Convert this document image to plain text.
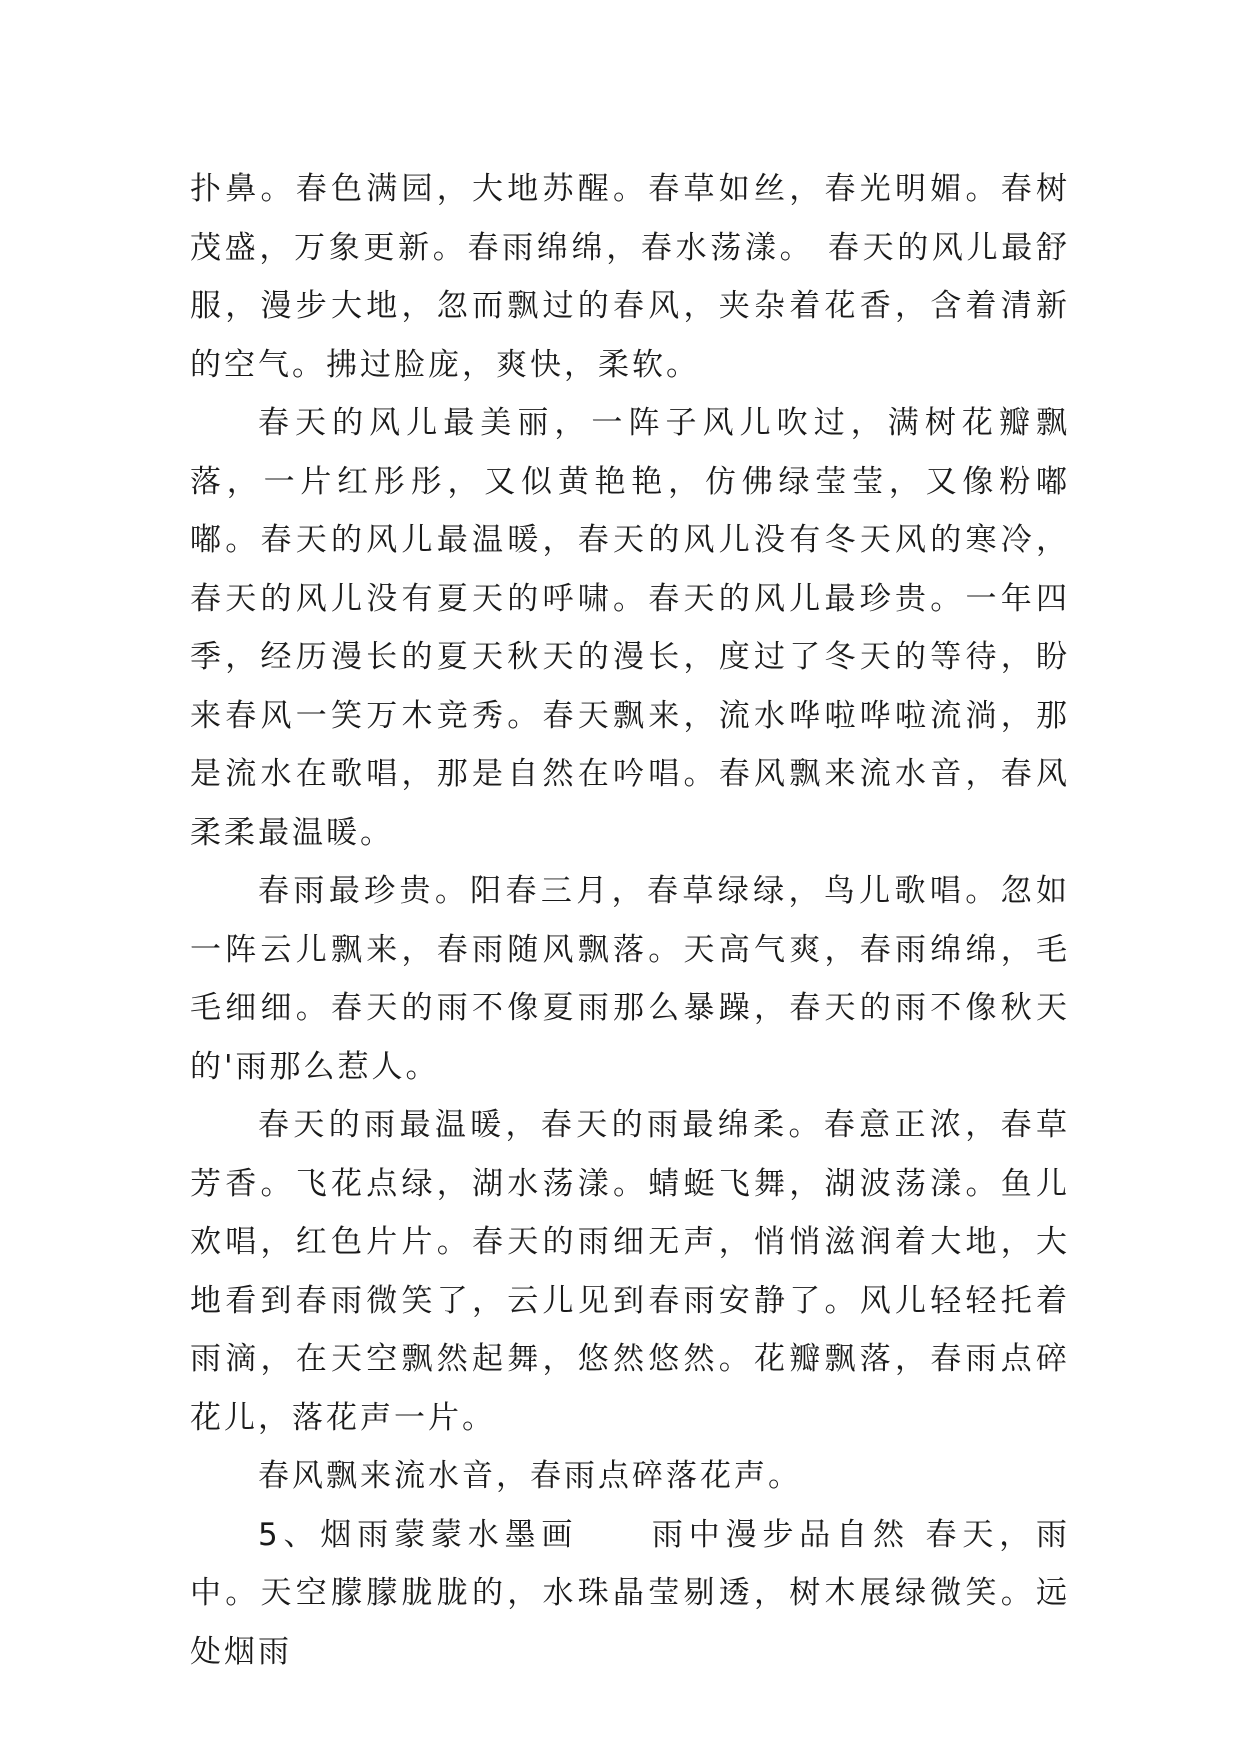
扑鼻。春色满园，大地苏醒。春草如丝，春光明媚。春树茂盛，万象更新。春雨绵绵，春水荡漾。 春天的风儿最舒服，漫步大地，忽而飘过的春风，夹杂着花香，含着清新的空气。拂过脸庞，爽快，柔软。

春天的风儿最美丽，一阵子风儿吹过，满树花瓣飘落，一片红彤彤，又似黄艳艳，仿佛绿莹莹，又像粉嘟嘟。春天的风儿最温暖，春天的风儿没有冬天风的寒冷，春天的风儿没有夏天的呼啸。春天的风儿最珍贵。一年四季，经历漫长的夏天秋天的漫长，度过了冬天的等待，盼来春风一笑万木竞秀。春天飘来，流水哗啦哗啦流淌，那是流水在歌唱，那是自然在吟唱。春风飘来流水音，春风柔柔最温暖。

春雨最珍贵。阳春三月，春草绿绿，鸟儿歌唱。忽如一阵云儿飘来，春雨随风飘落。天高气爽，春雨绵绵，毛毛细细。春天的雨不像夏雨那么暴躁，春天的雨不像秋天的'雨那么惹人。

春天的雨最温暖，春天的雨最绵柔。春意正浓，春草芳香。飞花点绿，湖水荡漾。蜻蜓飞舞，湖波荡漾。鱼儿欢唱，红色片片。春天的雨细无声，悄悄滋润着大地，大地看到春雨微笑了，云儿见到春雨安静了。风儿轻轻托着雨滴，在天空飘然起舞，悠然悠然。花瓣飘落，春雨点碎花儿，落花声一片。

春风飘来流水音，春雨点碎落花声。

5、烟雨蒙蒙水墨画　　雨中漫步品自然 春天，雨中。天空朦朦胧胧的，水珠晶莹剔透，树木展绿微笑。远处烟雨
